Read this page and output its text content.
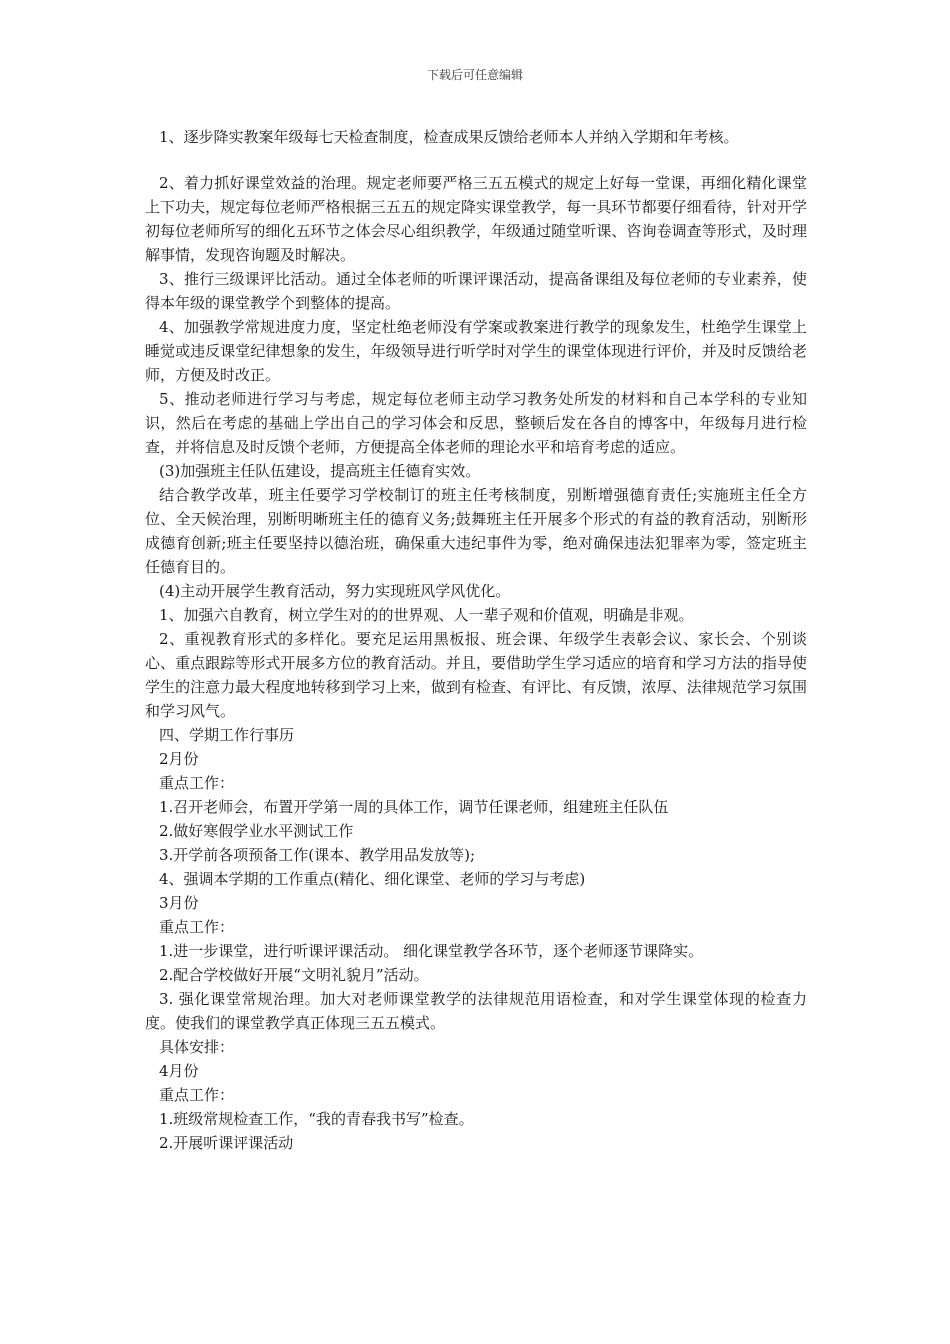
下载后可任意编辑

1、逐步降实教案年级每七天检查制度，检查成果反馈给老师本人并纳入学期和年考核。

2、着力抓好课堂效益的治理。规定老师要严格三五五模式的规定上好每一堂课，再细化精化课堂上下功夫，规定每位老师严格根据三五五的规定降实课堂教学，每一具环节都要仔细看待，针对开学初每位老师所写的细化五环节之体会尽心组织教学，年级通过随堂听课、咨询卷调查等形式，及时理解事情，发现咨询题及时解决。

3、推行三级课评比活动。通过全体老师的听课评课活动，提高备课组及每位老师的专业素养，使得本年级的课堂教学个到整体的提高。

4、加强教学常规进度力度，坚定杜绝老师没有学案或教案进行教学的现象发生，杜绝学生课堂上睡觉或违反课堂纪律想象的发生，年级领导进行听学时对学生的课堂体现进行评价，并及时反馈给老师，方便及时改正。

5、推动老师进行学习与考虑，规定每位老师主动学习教务处所发的材料和自己本学科的专业知识，然后在考虑的基础上学出自己的学习体会和反思，整顿后发在各自的博客中，年级每月进行检查，并将信息及时反馈个老师，方便提高全体老师的理论水平和培育考虑的适应。

(3)加强班主任队伍建设，提高班主任德育实效。

结合教学改革，班主任要学习学校制订的班主任考核制度，别断增强德育责任;实施班主任全方位、全天候治理，别断明晰班主任的德育义务;鼓舞班主任开展多个形式的有益的教育活动，别断形成德育创新;班主任要坚持以德治班，确保重大违纪事件为零，绝对确保违法犯罪率为零，签定班主任德育目的。

(4)主动开展学生教育活动，努力实现班风学风优化。

1、加强六自教育，树立学生对的的世界观、人一辈子观和价值观，明确是非观。

2、重视教育形式的多样化。要充足运用黑板报、班会课、年级学生表彰会议、家长会、个别谈心、重点跟踪等形式开展多方位的教育活动。并且，要借助学生学习适应的培育和学习方法的指导使学生的注意力最大程度地转移到学习上来，做到有检查、有评比、有反馈，浓厚、法律规范学习氛围和学习风气。

四、学期工作行事历

2月份

重点工作：

1.召开老师会，布置开学第一周的具体工作，调节任课老师，组建班主任队伍

2.做好寒假学业水平测试工作

3.开学前各项预备工作(课本、教学用品发放等);

4、强调本学期的工作重点(精化、细化课堂、老师的学习与考虑)

3月份

重点工作：

1.进一步课堂，进行听课评课活动。 细化课堂教学各环节，逐个老师逐节课降实。

2.配合学校做好开展“文明礼貌月”活动。

3. 强化课堂常规治理。加大对老师课堂教学的法律规范用语检查，和对学生课堂体现的检查力度。使我们的课堂教学真正体现三五五模式。

具体安排：

4月份

重点工作：

1.班级常规检查工作，“我的青春我书写”检查。

2.开展听课评课活动
